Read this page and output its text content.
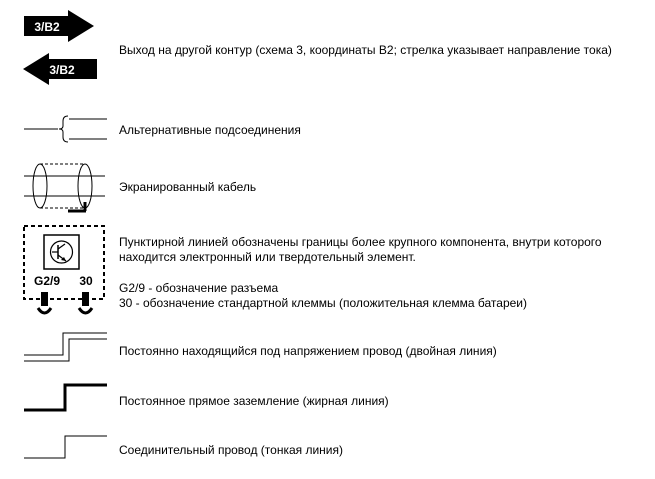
3/B2
3/B2
G2/9 30
Выход на другой контур (схема 3, координаты B2; стрелка указывает направление тока)
Альтернативные подсоединения
Экранированный кабель
Пунктирной линией обозначены границы более крупного компонента, внутри которого
находится электронный или твердотельный элемент.
G2/9 - обозначение разъема
30 - обозначение стандартной клеммы (положительная клемма батареи)
Постоянно находящийся под напряжением провод (двойная линия)
Постоянное прямое заземление (жирная линия)
Соединительный провод (тонкая линия)
